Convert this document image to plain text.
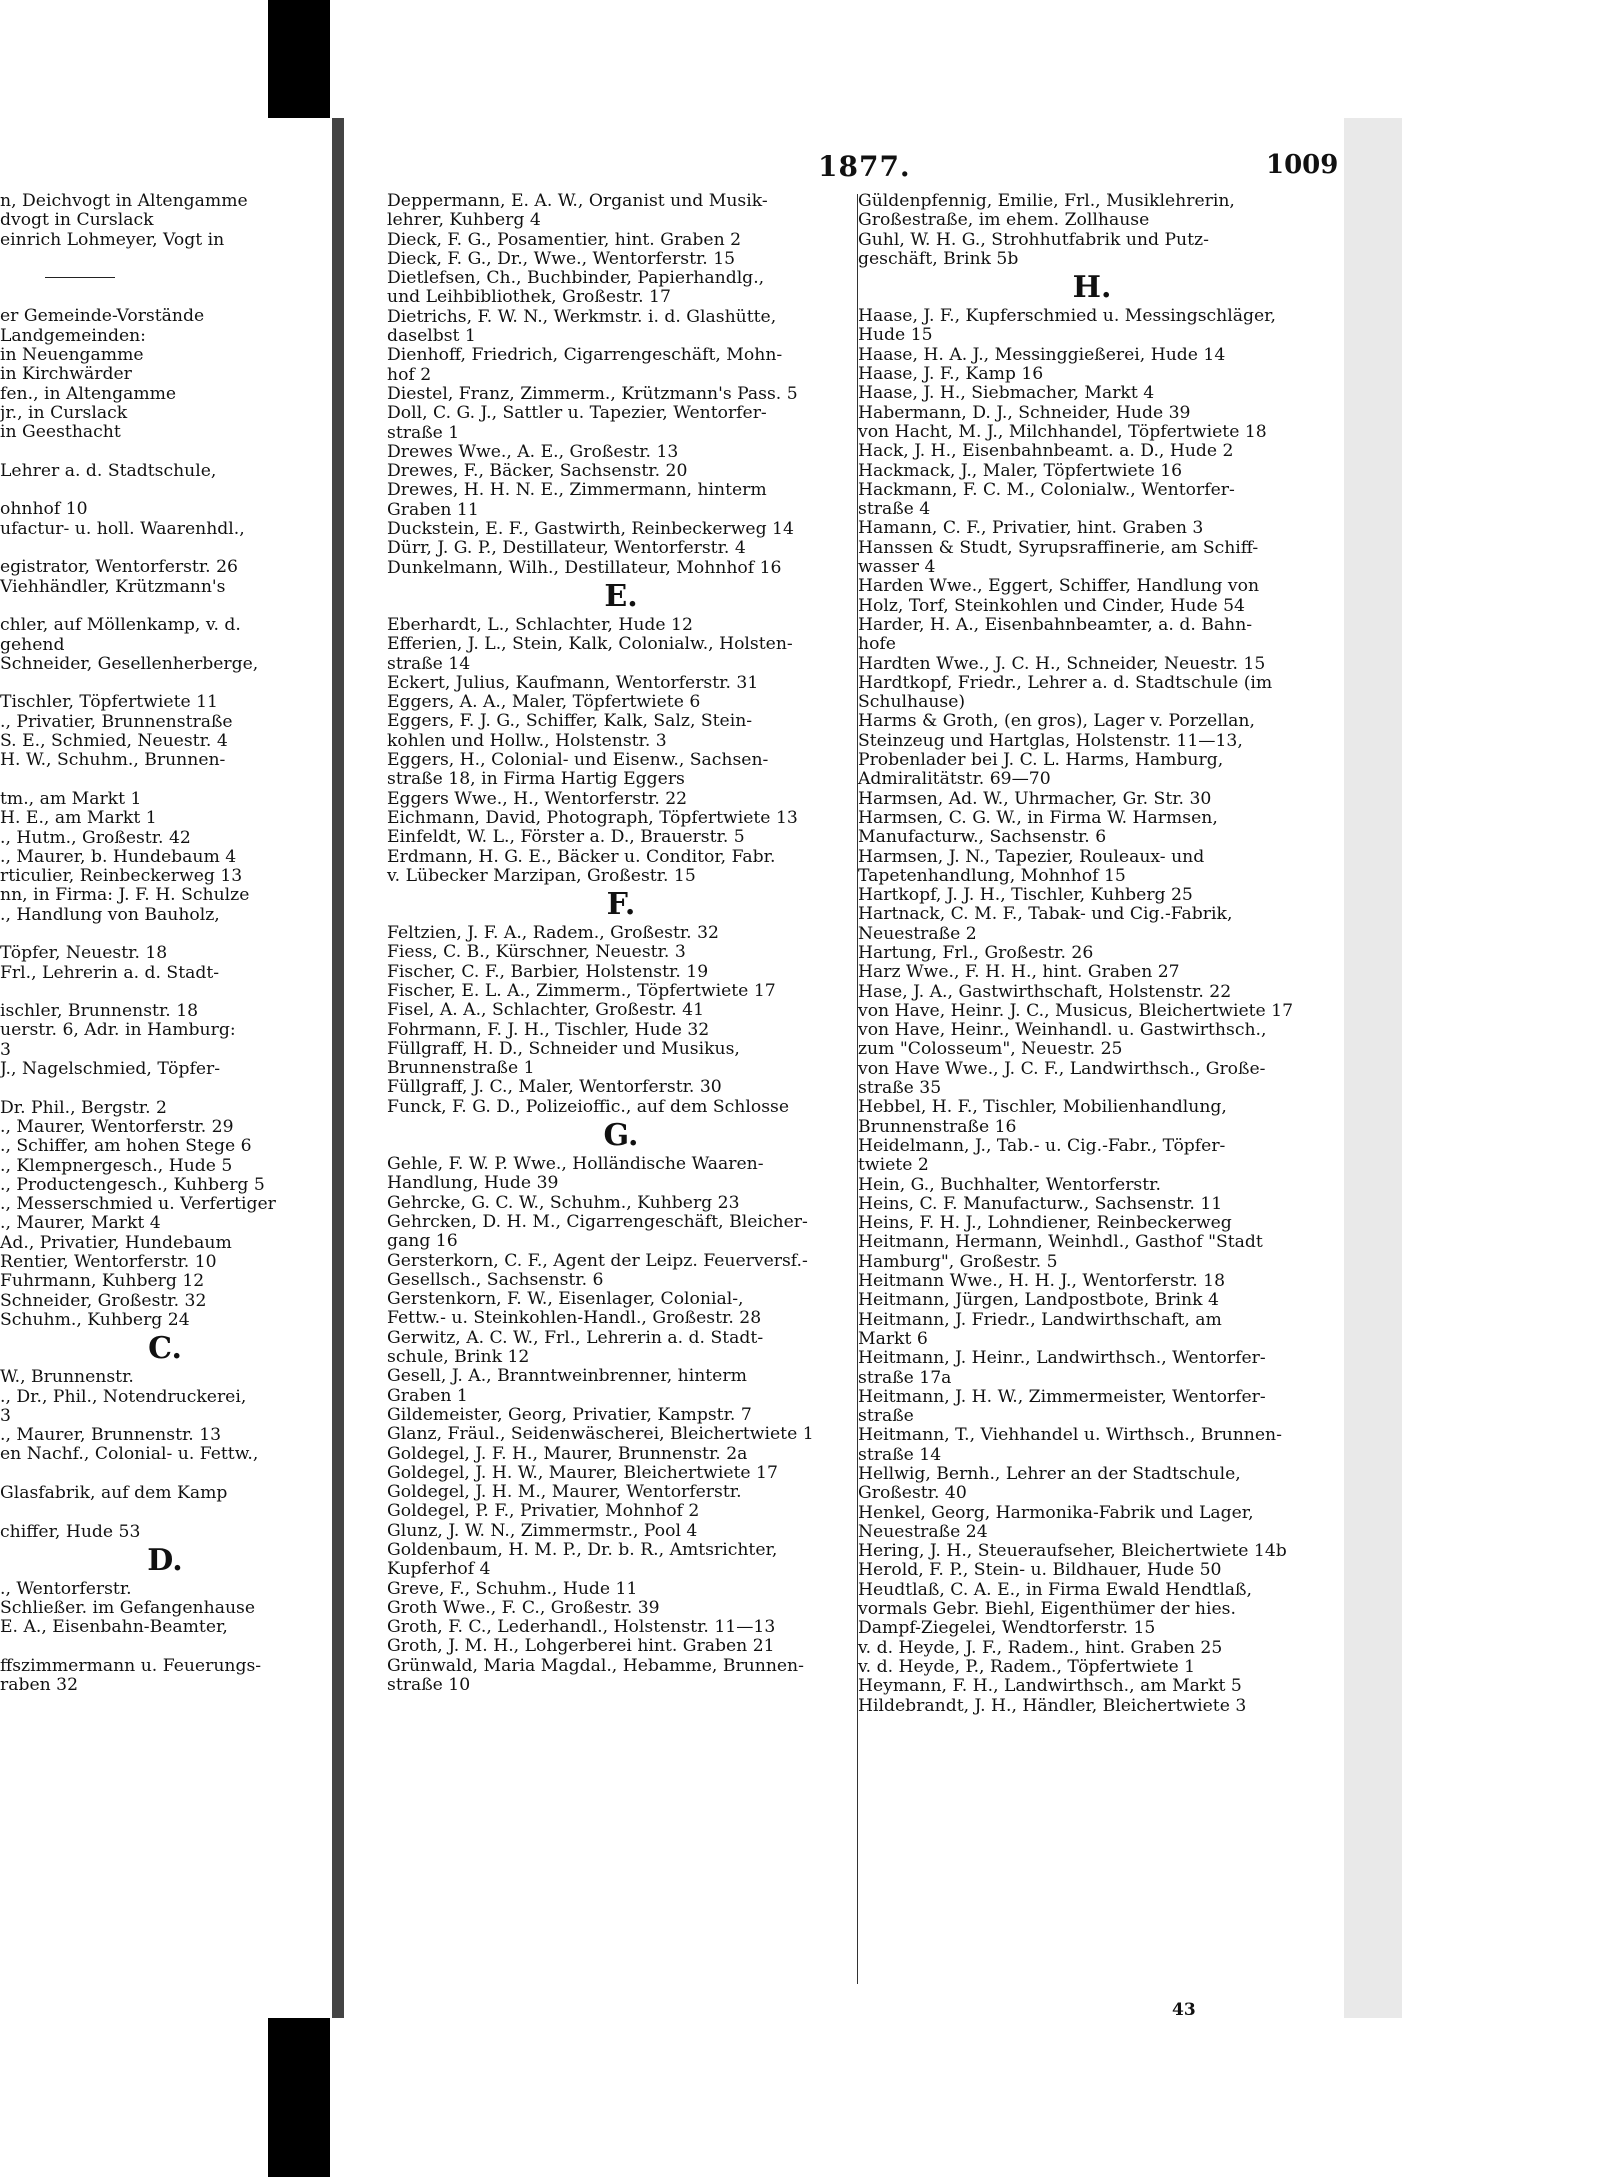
1877.	1009
n, Deichvogt in Altengamme
dvogt in Curslack
einrich Lohmeyer, Vogt in
er Gemeinde-Vorstände
Landgemeinden:
in Neuengamme
in Kirchwärder
fen., in Altengamme
jr., in Curslack
in Geesthacht
Lehrer a. d. Stadtschule,
ohnhof 10
ufactur- u. holl. Waarenhdl.,
egistrator, Wentorferstr. 26
Viehhändler, Krützmann's
chler, auf Möllenkamp, v. d.
gehend
Schneider, Gesellenherberge,
Tischler, Töpfertwiete 11
., Privatier, Brunnenstraße
S. E., Schmied, Neuestr. 4
H. W., Schuhm., Brunnen-
tm., am Markt 1
H. E., am Markt 1
., Hutm., Großestr. 42
., Maurer, b. Hundebaum 4
rticulier, Reinbeckerweg 13
nn, in Firma: J. F. H. Schulze
., Handlung von Bauholz,
Töpfer, Neuestr. 18
Frl., Lehrerin a. d. Stadt-
ischler, Brunnenstr. 18
uerstr. 6, Adr. in Hamburg:
3
J., Nagelschmied, Töpfer-
Dr. Phil., Bergstr. 2
., Maurer, Wentorferstr. 29
., Schiffer, am hohen Stege 6
., Klempnergesch., Hude 5
., Productengesch., Kuhberg 5
., Messerschmied u. Verfertiger
., Maurer, Markt 4
Ad., Privatier, Hundebaum
Rentier, Wentorferstr. 10
Fuhrmann, Kuhberg 12
Schneider, Großestr. 32
Schuhm., Kuhberg 24
C.
W., Brunnenstr.
., Dr., Phil., Notendruckerei,
3
., Maurer, Brunnenstr. 13
en Nachf., Colonial- u. Fettw.,
Glasfabrik, auf dem Kamp
chiffer, Hude 53
D.
., Wentorferstr.
Schließer. im Gefangenhause
E. A., Eisenbahn-Beamter,
ffszimmermann u. Feuerungs-
raben 32
Deppermann, E. A. W., Organist und Musik-
lehrer, Kuhberg 4
Dieck, F. G., Posamentier, hint. Graben 2
Dieck, F. G., Dr., Wwe., Wentorferstr. 15
Dietlefsen, Ch., Buchbinder, Papierhandlg.,
und Leihbibliothek, Großestr. 17
Dietrichs, F. W. N., Werkmstr. i. d. Glashütte,
daselbst 1
Dienhoff, Friedrich, Cigarrengeschäft, Mohn-
hof 2
Diestel, Franz, Zimmerm., Krützmann's Pass. 5
Doll, C. G. J., Sattler u. Tapezier, Wentorfer-
straße 1
Drewes Wwe., A. E., Großestr. 13
Drewes, F., Bäcker, Sachsenstr. 20
Drewes, H. H. N. E., Zimmermann, hinterm
Graben 11
Duckstein, E. F., Gastwirth, Reinbeckerweg 14
Dürr, J. G. P., Destillateur, Wentorferstr. 4
Dunkelmann, Wilh., Destillateur, Mohnhof 16
E.
Eberhardt, L., Schlachter, Hude 12
Efferien, J. L., Stein, Kalk, Colonialw., Holsten-
straße 14
Eckert, Julius, Kaufmann, Wentorferstr. 31
Eggers, A. A., Maler, Töpfertwiete 6
Eggers, F. J. G., Schiffer, Kalk, Salz, Stein-
kohlen und Hollw., Holstenstr. 3
Eggers, H., Colonial- und Eisenw., Sachsen-
straße 18, in Firma Hartig Eggers
Eggers Wwe., H., Wentorferstr. 22
Eichmann, David, Photograph, Töpfertwiete 13
Einfeldt, W. L., Förster a. D., Brauerstr. 5
Erdmann, H. G. E., Bäcker u. Conditor, Fabr.
v. Lübecker Marzipan, Großestr. 15
F.
Feltzien, J. F. A., Radem., Großestr. 32
Fiess, C. B., Kürschner, Neuestr. 3
Fischer, C. F., Barbier, Holstenstr. 19
Fischer, E. L. A., Zimmerm., Töpfertwiete 17
Fisel, A. A., Schlachter, Großestr. 41
Fohrmann, F. J. H., Tischler, Hude 32
Füllgraff, H. D., Schneider und Musikus,
Brunnenstraße 1
Füllgraff, J. C., Maler, Wentorferstr. 30
Funck, F. G. D., Polizeioffic., auf dem Schlosse
G.
Gehle, F. W. P. Wwe., Holländische Waaren-
Handlung, Hude 39
Gehrcke, G. C. W., Schuhm., Kuhberg 23
Gehrcken, D. H. M., Cigarrengeschäft, Bleicher-
gang 16
Gersterkorn, C. F., Agent der Leipz. Feuerversf.-
Gesellsch., Sachsenstr. 6
Gerstenkorn, F. W., Eisenlager, Colonial-,
Fettw.- u. Steinkohlen-Handl., Großestr. 28
Gerwitz, A. C. W., Frl., Lehrerin a. d. Stadt-
schule, Brink 12
Gesell, J. A., Branntweinbrenner, hinterm
Graben 1
Gildemeister, Georg, Privatier, Kampstr. 7
Glanz, Fräul., Seidenwäscherei, Bleichertwiete 1
Goldegel, J. F. H., Maurer, Brunnenstr. 2a
Goldegel, J. H. W., Maurer, Bleichertwiete 17
Goldegel, J. H. M., Maurer, Wentorferstr.
Goldegel, P. F., Privatier, Mohnhof 2
Glunz, J. W. N., Zimmermstr., Pool 4
Goldenbaum, H. M. P., Dr. b. R., Amtsrichter,
Kupferhof 4
Greve, F., Schuhm., Hude 11
Groth Wwe., F. C., Großestr. 39
Groth, F. C., Lederhandl., Holstenstr. 11—13
Groth, J. M. H., Lohgerberei hint. Graben 21
Grünwald, Maria Magdal., Hebamme, Brunnen-
straße 10
Güldenpfennig, Emilie, Frl., Musiklehrerin,
Großestraße, im ehem. Zollhause
Guhl, W. H. G., Strohhutfabrik und Putz-
geschäft, Brink 5b
H.
Haase, J. F., Kupferschmied u. Messingschläger,
Hude 15
Haase, H. A. J., Messinggießerei, Hude 14
Haase, J. F., Kamp 16
Haase, J. H., Siebmacher, Markt 4
Habermann, D. J., Schneider, Hude 39
von Hacht, M. J., Milchhandel, Töpfertwiete 18
Hack, J. H., Eisenbahnbeamt. a. D., Hude 2
Hackmack, J., Maler, Töpfertwiete 16
Hackmann, F. C. M., Colonialw., Wentorfer-
straße 4
Hamann, C. F., Privatier, hint. Graben 3
Hanssen & Studt, Syrupsraffinerie, am Schiff-
wasser 4
Harden Wwe., Eggert, Schiffer, Handlung von
Holz, Torf, Steinkohlen und Cinder, Hude 54
Harder, H. A., Eisenbahnbeamter, a. d. Bahn-
hofe
Hardten Wwe., J. C. H., Schneider, Neuestr. 15
Hardtkopf, Friedr., Lehrer a. d. Stadtschule (im
Schulhause)
Harms & Groth, (en gros), Lager v. Porzellan,
Steinzeug und Hartglas, Holstenstr. 11—13,
Probenlader bei J. C. L. Harms, Hamburg,
Admiralitätstr. 69—70
Harmsen, Ad. W., Uhrmacher, Gr. Str. 30
Harmsen, C. G. W., in Firma W. Harmsen,
Manufacturw., Sachsenstr. 6
Harmsen, J. N., Tapezier, Rouleaux- und
Tapetenhandlung, Mohnhof 15
Hartkopf, J. J. H., Tischler, Kuhberg 25
Hartnack, C. M. F., Tabak- und Cig.-Fabrik,
Neuestraße 2
Hartung, Frl., Großestr. 26
Harz Wwe., F. H. H., hint. Graben 27
Hase, J. A., Gastwirthschaft, Holstenstr. 22
von Have, Heinr. J. C., Musicus, Bleichertwiete 17
von Have, Heinr., Weinhandl. u. Gastwirthsch.,
zum "Colosseum", Neuestr. 25
von Have Wwe., J. C. F., Landwirthsch., Große-
straße 35
Hebbel, H. F., Tischler, Mobilienhandlung,
Brunnenstraße 16
Heidelmann, J., Tab.- u. Cig.-Fabr., Töpfer-
twiete 2
Hein, G., Buchhalter, Wentorferstr.
Heins, C. F. Manufacturw., Sachsenstr. 11
Heins, F. H. J., Lohndiener, Reinbeckerweg
Heitmann, Hermann, Weinhdl., Gasthof "Stadt
Hamburg", Großestr. 5
Heitmann Wwe., H. H. J., Wentorferstr. 18
Heitmann, Jürgen, Landpostbote, Brink 4
Heitmann, J. Friedr., Landwirthschaft, am
Markt 6
Heitmann, J. Heinr., Landwirthsch., Wentorfer-
straße 17a
Heitmann, J. H. W., Zimmermeister, Wentorfer-
straße
Heitmann, T., Viehhandel u. Wirthsch., Brunnen-
straße 14
Hellwig, Bernh., Lehrer an der Stadtschule,
Großestr. 40
Henkel, Georg, Harmonika-Fabrik und Lager,
Neuestraße 24
Hering, J. H., Steueraufseher, Bleichertwiete 14b
Herold, F. P., Stein- u. Bildhauer, Hude 50
Heudtlaß, C. A. E., in Firma Ewald Hendtlaß,
vormals Gebr. Biehl, Eigenthümer der hies.
Dampf-Ziegelei, Wendtorferstr. 15
v. d. Heyde, J. F., Radem., hint. Graben 25
v. d. Heyde, P., Radem., Töpfertwiete 1
Heymann, F. H., Landwirthsch., am Markt 5
Hildebrandt, J. H., Händler, Bleichertwiete 3
43
